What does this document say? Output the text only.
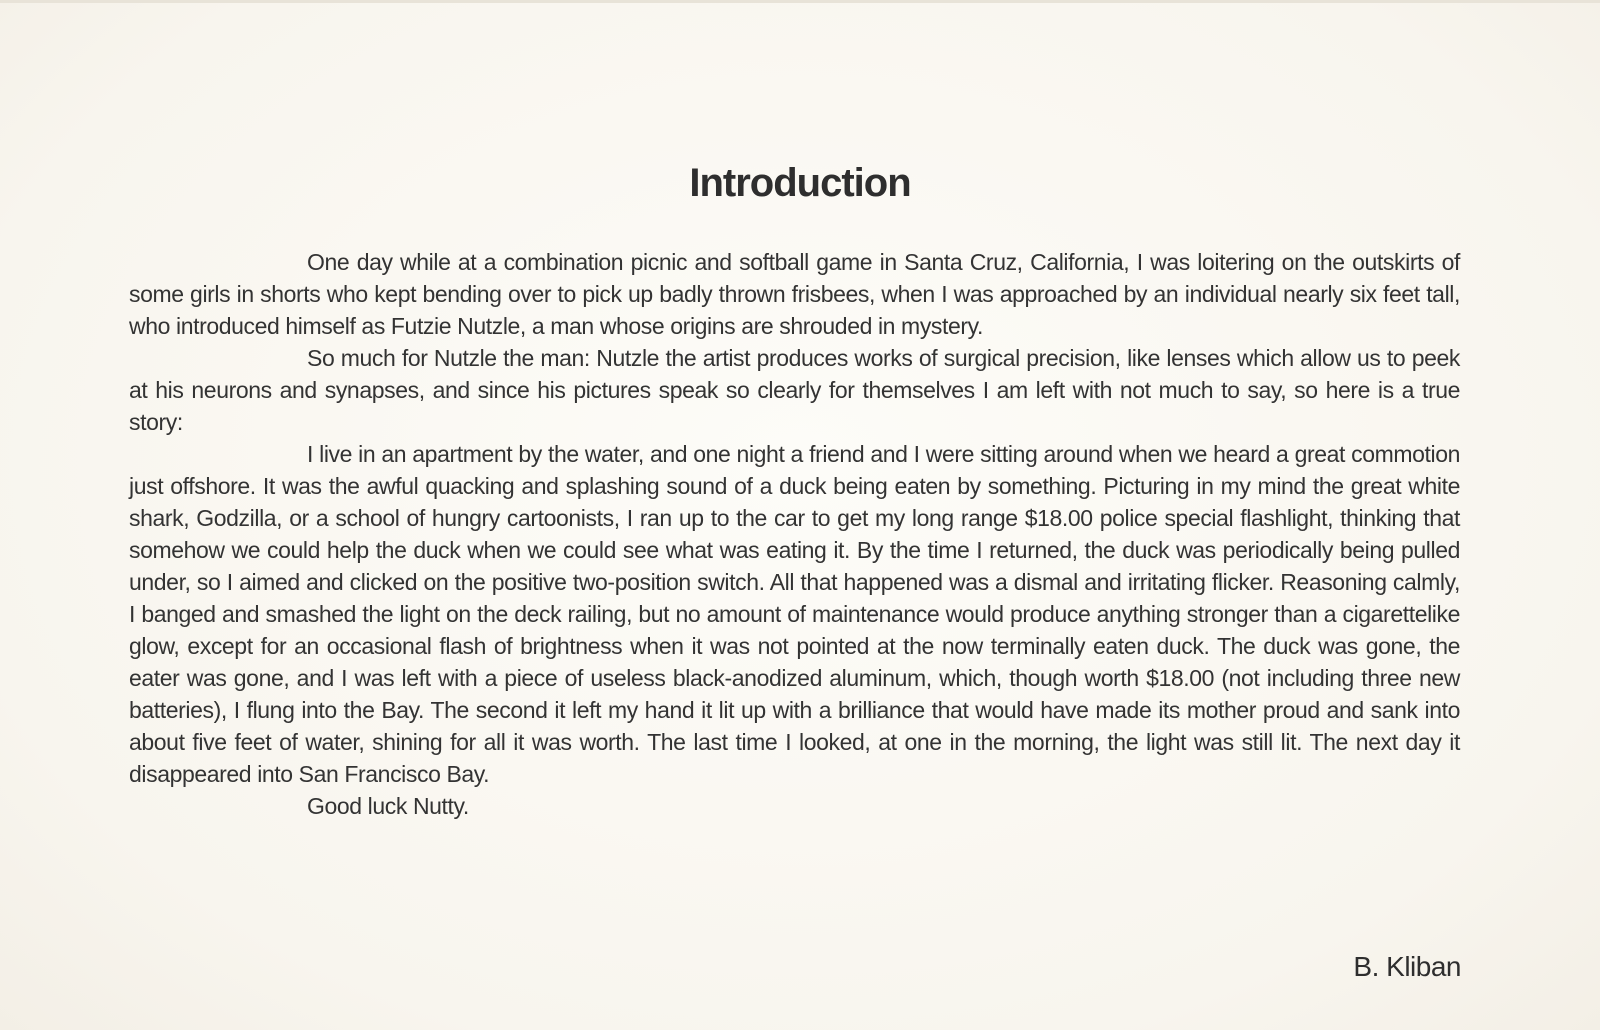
Introduction

One day while at a combination picnic and softball game in Santa Cruz, California, I was loitering on the outskirts of some girls in shorts who kept bending over to pick up badly thrown frisbees, when I was approached by an individual nearly six feet tall, who introduced himself as Futzie Nutzle, a man whose origins are shrouded in mystery.

So much for Nutzle the man: Nutzle the artist produces works of surgical precision, like lenses which allow us to peek at his neurons and synapses, and since his pictures speak so clearly for themselves I am left with not much to say, so here is a true story:

I live in an apartment by the water, and one night a friend and I were sitting around when we heard a great commotion just offshore. It was the awful quacking and splashing sound of a duck being eaten by something. Picturing in my mind the great white shark, Godzilla, or a school of hungry cartoonists, I ran up to the car to get my long range $18.00 police special flashlight, thinking that somehow we could help the duck when we could see what was eating it. By the time I returned, the duck was periodically being pulled under, so I aimed and clicked on the positive two-position switch. All that happened was a dismal and irritating flicker. Reasoning calmly, I banged and smashed the light on the deck railing, but no amount of maintenance would produce anything stronger than a cigarettelike glow, except for an occasional flash of brightness when it was not pointed at the now terminally eaten duck. The duck was gone, the eater was gone, and I was left with a piece of useless black-anodized aluminum, which, though worth $18.00 (not including three new batteries), I flung into the Bay. The second it left my hand it lit up with a brilliance that would have made its mother proud and sank into about five feet of water, shining for all it was worth. The last time I looked, at one in the morning, the light was still lit. The next day it disappeared into San Francisco Bay.

Good luck Nutty.

B. Kliban
